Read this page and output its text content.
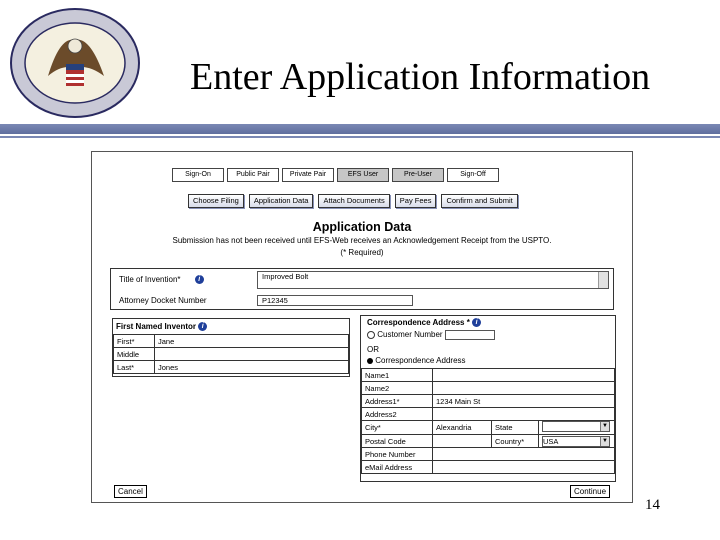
Enter Application Information
Sign-On	Public Pair	Private Pair	EFS User	Pre-User	Sign-Off
Choose Filing	Application Data	Attach Documents	Pay Fees	Confirm and Submit
Application Data
Submission has not been received until EFS-Web receives an Acknowledgement Receipt from the USPTO.
(* Required)
Title of Invention*	i	Improved Bolt
Attorney Docket Number	P12345
First Named Inventor i
First*	Jane
Middle	
Last*	Jones
Correspondence Address * i
Customer Number
OR
Correspondence Address
Name1			
Name2			
Address1*	1234 Main St		
Address2			
City*	Alexandria	State	▼

Postal Code		Country*	USA ▼

Phone Number			
eMail Address			
Cancel	Continue
14
